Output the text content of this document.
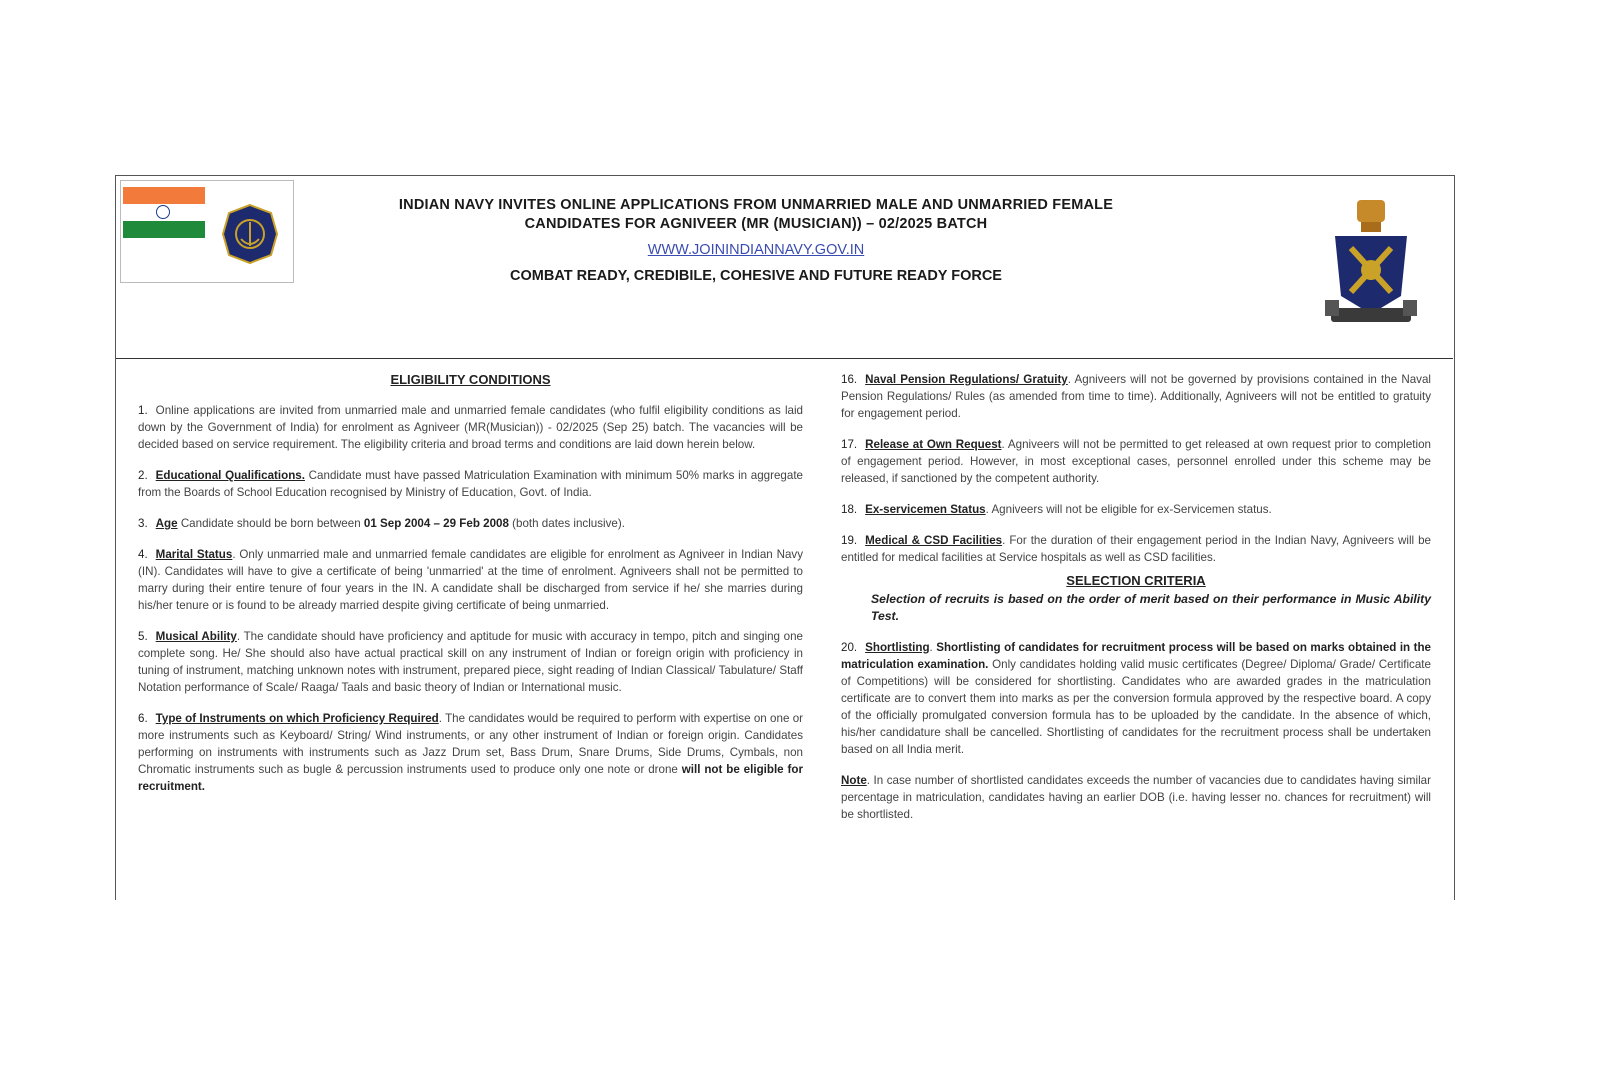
INDIAN NAVY INVITES ONLINE APPLICATIONS FROM UNMARRIED MALE AND UNMARRIED FEMALE
CANDIDATES FOR AGNIVEER (MR (MUSICIAN)) – 02/2025 BATCH
WWW.JOININDIANNAVY.GOV.IN
COMBAT READY, CREDIBILE, COHESIVE AND FUTURE READY FORCE
ELIGIBILITY CONDITIONS
1. Online applications are invited from unmarried male and unmarried female candidates (who fulfil eligibility conditions as laid down by the Government of India) for enrolment as Agniveer (MR(Musician)) - 02/2025 (Sep 25) batch. The vacancies will be decided based on service requirement. The eligibility criteria and broad terms and conditions are laid down herein below.
2. Educational Qualifications. Candidate must have passed Matriculation Examination with minimum 50% marks in aggregate from the Boards of School Education recognised by Ministry of Education, Govt. of India.
3. Age Candidate should be born between 01 Sep 2004 – 29 Feb 2008 (both dates inclusive).
4. Marital Status. Only unmarried male and unmarried female candidates are eligible for enrolment as Agniveer in Indian Navy (IN). Candidates will have to give a certificate of being 'unmarried' at the time of enrolment. Agniveers shall not be permitted to marry during their entire tenure of four years in the IN. A candidate shall be discharged from service if he/ she marries during his/her tenure or is found to be already married despite giving certificate of being unmarried.
5. Musical Ability. The candidate should have proficiency and aptitude for music with accuracy in tempo, pitch and singing one complete song. He/ She should also have actual practical skill on any instrument of Indian or foreign origin with proficiency in tuning of instrument, matching unknown notes with instrument, prepared piece, sight reading of Indian Classical/ Tabulature/ Staff Notation performance of Scale/ Raaga/ Taals and basic theory of Indian or International music.
6. Type of Instruments on which Proficiency Required. The candidates would be required to perform with expertise on one or more instruments such as Keyboard/ String/ Wind instruments, or any other instrument of Indian or foreign origin. Candidates performing on instruments with instruments such as Jazz Drum set, Bass Drum, Snare Drums, Side Drums, Cymbals, non Chromatic instruments such as bugle & percussion instruments used to produce only one note or drone will not be eligible for recruitment.
16. Naval Pension Regulations/ Gratuity. Agniveers will not be governed by provisions contained in the Naval Pension Regulations/ Rules (as amended from time to time). Additionally, Agniveers will not be entitled to gratuity for engagement period.
17. Release at Own Request. Agniveers will not be permitted to get released at own request prior to completion of engagement period. However, in most exceptional cases, personnel enrolled under this scheme may be released, if sanctioned by the competent authority.
18. Ex-servicemen Status. Agniveers will not be eligible for ex-Servicemen status.
19. Medical & CSD Facilities. For the duration of their engagement period in the Indian Navy, Agniveers will be entitled for medical facilities at Service hospitals as well as CSD facilities.
SELECTION CRITERIA
Selection of recruits is based on the order of merit based on their performance in Music Ability Test.
20. Shortlisting. Shortlisting of candidates for recruitment process will be based on marks obtained in the matriculation examination. Only candidates holding valid music certificates (Degree/ Diploma/ Grade/ Certificate of Competitions) will be considered for shortlisting. Candidates who are awarded grades in the matriculation certificate are to convert them into marks as per the conversion formula approved by the respective board. A copy of the officially promulgated conversion formula has to be uploaded by the candidate. In the absence of which, his/her candidature shall be cancelled. Shortlisting of candidates for the recruitment process shall be undertaken based on all India merit.
Note. In case number of shortlisted candidates exceeds the number of vacancies due to candidates having similar percentage in matriculation, candidates having an earlier DOB (i.e. having lesser no. chances for recruitment) will be shortlisted.
